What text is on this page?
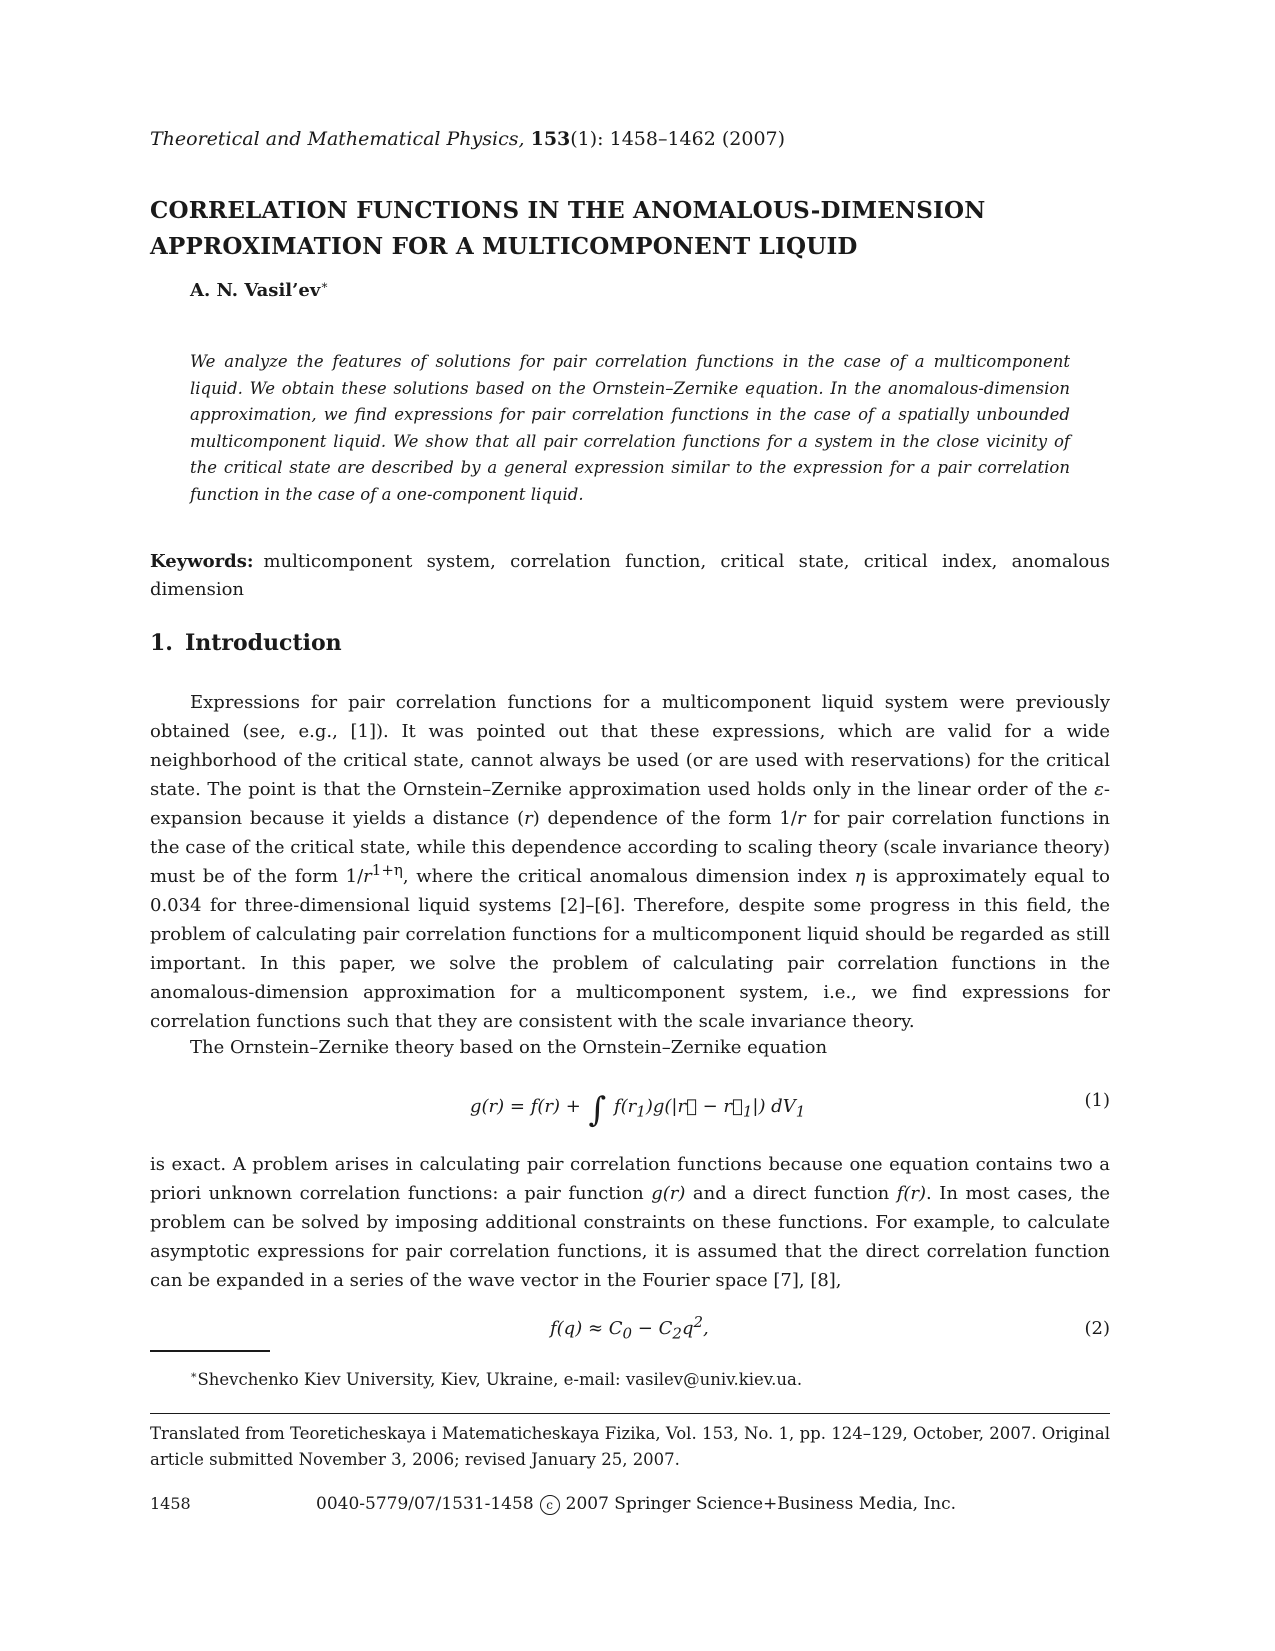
Theoretical and Mathematical Physics, 153(1): 1458–1462 (2007)
CORRELATION FUNCTIONS IN THE ANOMALOUS-DIMENSION APPROXIMATION FOR A MULTICOMPONENT LIQUID
A. N. Vasil’ev∗
We analyze the features of solutions for pair correlation functions in the case of a multicomponent liquid. We obtain these solutions based on the Ornstein–Zernike equation. In the anomalous-dimension approximation, we find expressions for pair correlation functions in the case of a spatially unbounded multicomponent liquid. We show that all pair correlation functions for a system in the close vicinity of the critical state are described by a general expression similar to the expression for a pair correlation function in the case of a one-component liquid.
Keywords: multicomponent system, correlation function, critical state, critical index, anomalous dimension
1. Introduction
Expressions for pair correlation functions for a multicomponent liquid system were previously obtained (see, e.g., [1]). It was pointed out that these expressions, which are valid for a wide neighborhood of the critical state, cannot always be used (or are used with reservations) for the critical state. The point is that the Ornstein–Zernike approximation used holds only in the linear order of the ε-expansion because it yields a distance (r) dependence of the form 1/r for pair correlation functions in the case of the critical state, while this dependence according to scaling theory (scale invariance theory) must be of the form $1/r^{1+\eta}$, where the critical anomalous dimension index η is approximately equal to 0.034 for three-dimensional liquid systems [2]–[6]. Therefore, despite some progress in this field, the problem of calculating pair correlation functions for a multicomponent liquid should be regarded as still important. In this paper, we solve the problem of calculating pair correlation functions in the anomalous-dimension approximation for a multicomponent system, i.e., we find expressions for correlation functions such that they are consistent with the scale invariance theory.
The Ornstein–Zernike theory based on the Ornstein–Zernike equation
g(r) = f(r) + ∫ $f(r_1)g(|r⃗$ − $r⃗_1|$) $dV_1$
(1)
is exact. A problem arises in calculating pair correlation functions because one equation contains two a priori unknown correlation functions: a pair function g(r) and a direct function f(r). In most cases, the problem can be solved by imposing additional constraints on these functions. For example, to calculate asymptotic expressions for pair correlation functions, it is assumed that the direct correlation function can be expanded in a series of the wave vector in the Fourier space [7], [8],
$f(q) \approx C_0 - C_2q^2$,	(2)
∗Shevchenko Kiev University, Kiev, Ukraine, e-mail: vasilev@univ.kiev.ua.
Translated from Teoreticheskaya i Matematicheskaya Fizika, Vol. 153, No. 1, pp. 124–129, October, 2007. Original article submitted November 3, 2006; revised January 25, 2007.
1458	0040-5779/07/1531-1458 c 2007 Springer Science+Business Media, Inc.
